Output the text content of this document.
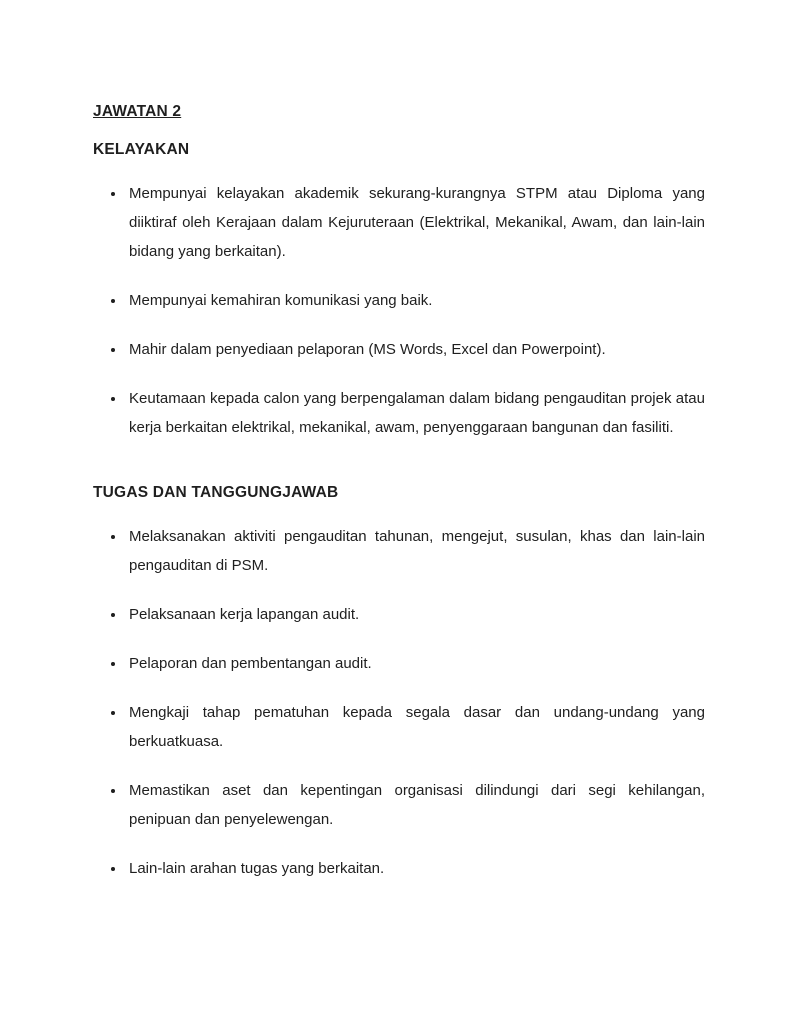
JAWATAN 2
KELAYAKAN
• Mempunyai kelayakan akademik sekurang-kurangnya STPM atau Diploma yang diiktiraf oleh Kerajaan dalam Kejuruteraan (Elektrikal, Mekanikal, Awam, dan lain-lain bidang yang berkaitan).
• Mempunyai kemahiran komunikasi yang baik.
• Mahir dalam penyediaan pelaporan (MS Words, Excel dan Powerpoint).
• Keutamaan kepada calon yang berpengalaman dalam bidang pengauditan projek atau kerja berkaitan elektrikal, mekanikal, awam, penyenggaraan bangunan dan fasiliti.
TUGAS DAN TANGGUNGJAWAB
• Melaksanakan aktiviti pengauditan tahunan, mengejut, susulan, khas dan lain-lain pengauditan di PSM.
• Pelaksanaan kerja lapangan audit.
• Pelaporan dan pembentangan audit.
• Mengkaji tahap pematuhan kepada segala dasar dan undang-undang yang berkuatkuasa.
• Memastikan aset dan kepentingan organisasi dilindungi dari segi kehilangan, penipuan dan penyelewengan.
• Lain-lain arahan tugas yang berkaitan.
